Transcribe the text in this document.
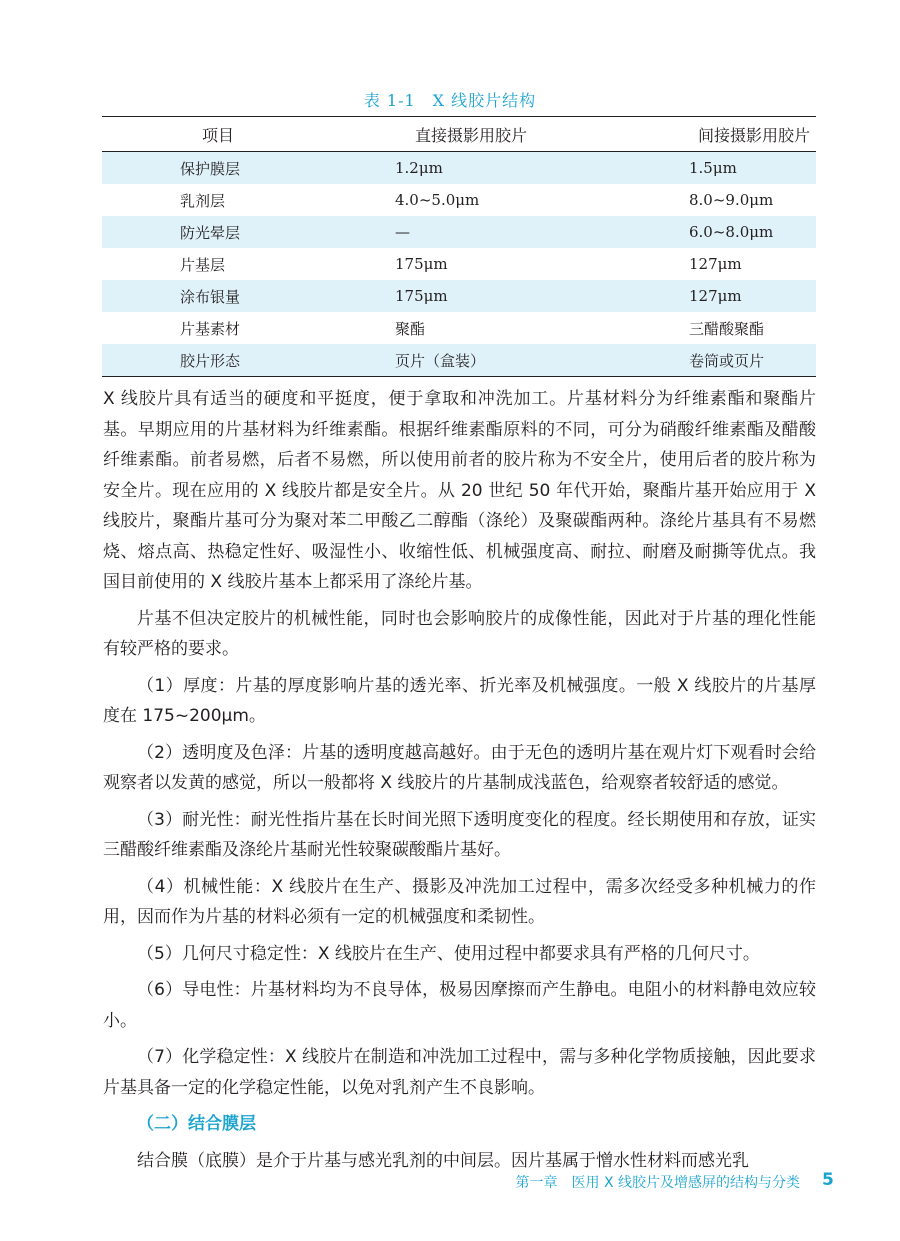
表 1-1　X 线胶片结构
项目	直接摄影用胶片	间接摄影用胶片
保护膜层	1.2μm	1.5μm
乳剂层	4.0~5.0μm	8.0~9.0μm
防光晕层	—	6.0~8.0μm
片基层	175μm	127μm
涂布银量	175μm	127μm
片基素材	聚酯	三醋酸聚酯
胶片形态	页片（盒装）	卷筒或页片

X 线胶片具有适当的硬度和平挺度，便于拿取和冲洗加工。片基材料分为纤维素酯和聚酯片基。早期应用的片基材料为纤维素酯。根据纤维素酯原料的不同，可分为硝酸纤维素酯及醋酸纤维素酯。前者易燃，后者不易燃，所以使用前者的胶片称为不安全片，使用后者的胶片称为安全片。现在应用的 X 线胶片都是安全片。从 20 世纪 50 年代开始，聚酯片基开始应用于 X 线胶片，聚酯片基可分为聚对苯二甲酸乙二醇酯（涤纶）及聚碳酯两种。涤纶片基具有不易燃烧、熔点高、热稳定性好、吸湿性小、收缩性低、机械强度高、耐拉、耐磨及耐撕等优点。我国目前使用的 X 线胶片基本上都采用了涤纶片基。

片基不但决定胶片的机械性能，同时也会影响胶片的成像性能，因此对于片基的理化性能有较严格的要求。

（1）厚度：片基的厚度影响片基的透光率、折光率及机械强度。一般 X 线胶片的片基厚度在 175~200μm。

（2）透明度及色泽：片基的透明度越高越好。由于无色的透明片基在观片灯下观看时会给观察者以发黄的感觉，所以一般都将 X 线胶片的片基制成浅蓝色，给观察者较舒适的感觉。

（3）耐光性：耐光性指片基在长时间光照下透明度变化的程度。经长期使用和存放，证实三醋酸纤维素酯及涤纶片基耐光性较聚碳酸酯片基好。

（4）机械性能：X 线胶片在生产、摄影及冲洗加工过程中，需多次经受多种机械力的作用，因而作为片基的材料必须有一定的机械强度和柔韧性。

（5）几何尺寸稳定性：X 线胶片在生产、使用过程中都要求具有严格的几何尺寸。

（6）导电性：片基材料均为不良导体，极易因摩擦而产生静电。电阻小的材料静电效应较小。

（7）化学稳定性：X 线胶片在制造和冲洗加工过程中，需与多种化学物质接触，因此要求片基具备一定的化学稳定性能，以免对乳剂产生不良影响。

（二）结合膜层

结合膜（底膜）是介于片基与感光乳剂的中间层。因片基属于憎水性材料而感光乳

第一章　医用 X 线胶片及增感屏的结构与分类 5
